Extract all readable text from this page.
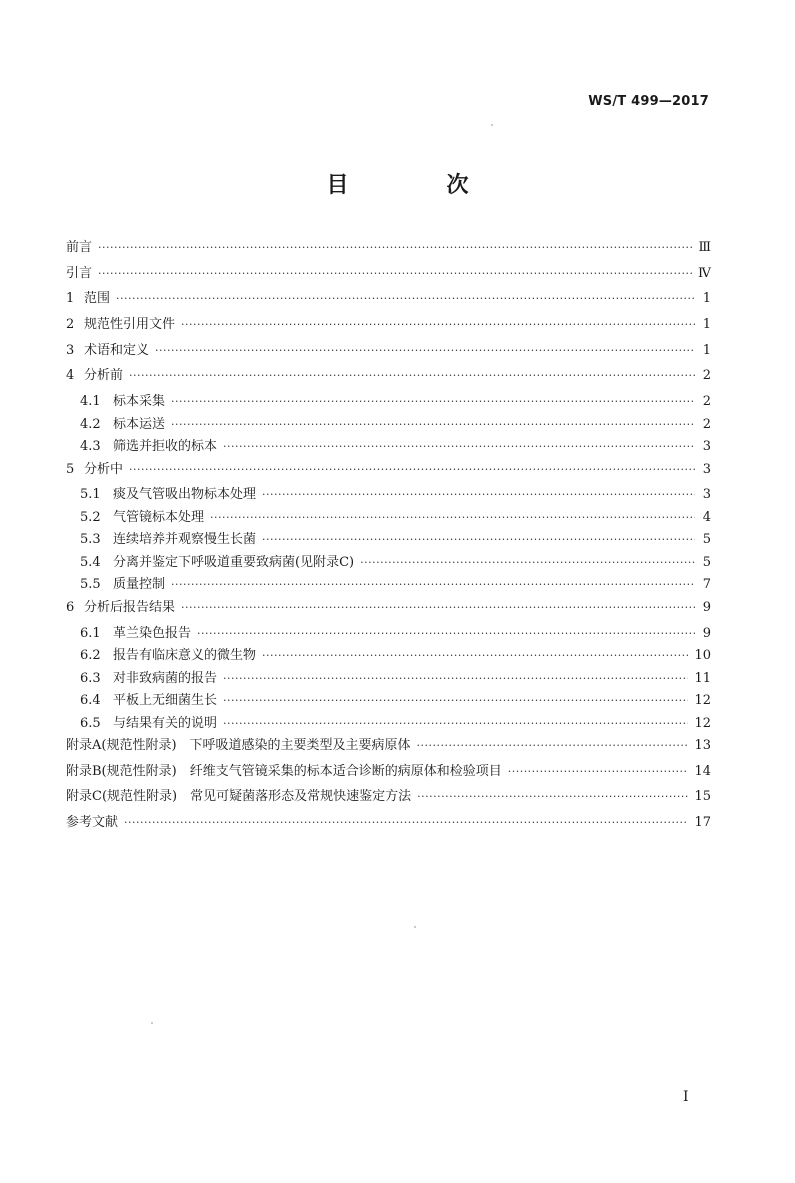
WS/T 499—2017
目　次
前言 ·····	Ⅲ
引言 ·····	Ⅳ
1 范围 ·····	1
2 规范性引用文件 ·····	1
3 术语和定义 ·····	1
4 分析前 ·····	2
4.1 标本采集 ·····	2
4.2 标本运送 ·····	2
4.3 筛选并拒收的标本 ·····	3
5 分析中 ·····	3
5.1 痰及气管吸出物标本处理 ·····	3
5.2 气管镜标本处理 ·····	4
5.3 连续培养并观察慢生长菌 ·····	5
5.4 分离并鉴定下呼吸道重要致病菌(见附录C) ·····	5
5.5 质量控制 ·····	7
6 分析后报告结果 ·····	9
6.1 革兰染色报告 ·····	9
6.2 报告有临床意义的微生物 ·····	10
6.3 对非致病菌的报告 ·····	11
6.4 平板上无细菌生长 ·····	12
6.5 与结果有关的说明 ·····	12
附录A(规范性附录)　下呼吸道感染的主要类型及主要病原体 ·····	13
附录B(规范性附录)　纤维支气管镜采集的标本适合诊断的病原体和检验项目 ·····	14
附录C(规范性附录)　常见可疑菌落形态及常规快速鉴定方法 ·····	15
参考文献 ·····	17
I
